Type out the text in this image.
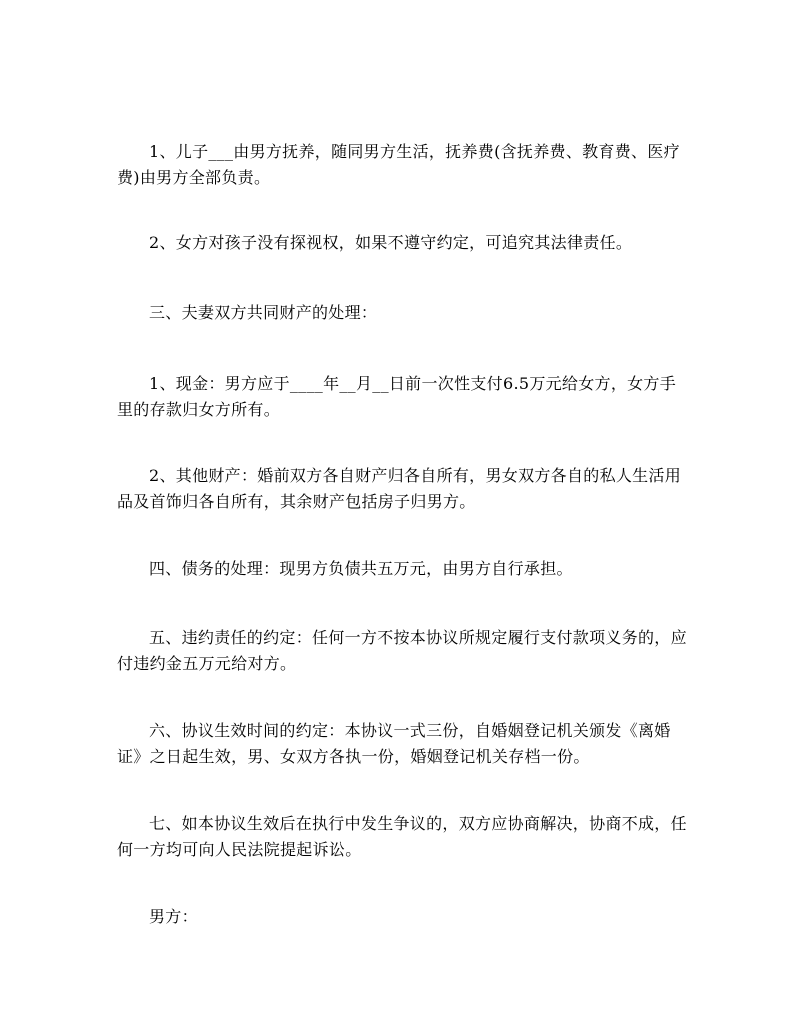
1、儿子___由男方抚养，随同男方生活，抚养费(含抚养费、教育费、医疗费)由男方全部负责。

2、女方对孩子没有探视权，如果不遵守约定，可追究其法律责任。

三、夫妻双方共同财产的处理：

1、现金：男方应于____年__月__日前一次性支付6.5万元给女方，女方手里的存款归女方所有。

2、其他财产：婚前双方各自财产归各自所有，男女双方各自的私人生活用品及首饰归各自所有，其余财产包括房子归男方。

四、债务的处理：现男方负债共五万元，由男方自行承担。

五、违约责任的约定：任何一方不按本协议所规定履行支付款项义务的，应付违约金五万元给对方。

六、协议生效时间的约定：本协议一式三份，自婚姻登记机关颁发《离婚证》之日起生效，男、女双方各执一份，婚姻登记机关存档一份。

七、如本协议生效后在执行中发生争议的，双方应协商解决，协商不成，任何一方均可向人民法院提起诉讼。

男方：
